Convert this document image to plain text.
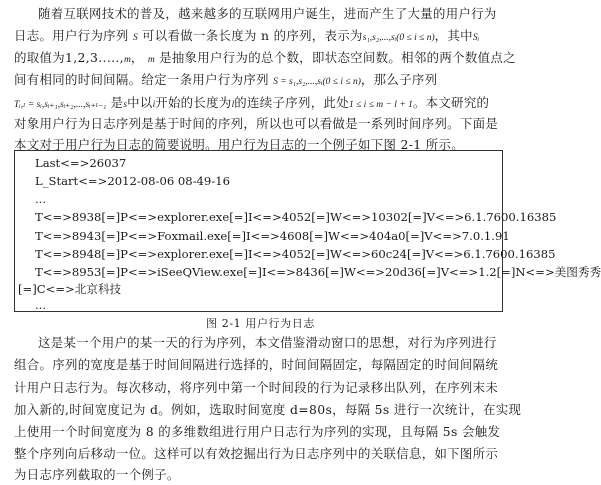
随着互联网技术的普及，越来越多的互联网用户诞生，进而产生了大量的用户行为
日志。用户行为序列 S 可以看做一条长度为 n 的序列，表示为s₁,s₂,...,sᵢ(0 ≤ i ≤ n)，其中Sᵢ
的取值为1,2,3.....,m， m 是抽象用户行为的总个数，即状态空间数。相邻的两个数值点之
间有相同的时间间隔。给定一条用户行为序列 S = s₁,s₂,...,sᵢ(0 ≤ i ≤ n)，那么子序列
Tᵢ,ₗ = sᵢ,sᵢ₊₁,sᵢ₊₂,...,sᵢ₊ₗ₋₁ 是s中以i开始的长度为l的连续子序列，此处1 ≤ i ≤ m − l + 1。本文研究的
对象用户行为日志序列是基于时间的序列，所以也可以看做是一系列时间序列。下面是
本文对于用户行为日志的简要说明。用户行为日志的一个例子如下图 2-1 所示。
Last<=>26037
L_Start<=>2012-08-06 08-49-16
...
T<=>8938[=]P<=>explorer.exe[=]I<=>4052[=]W<=>10302[=]V<=>6.1.7600.16385
T<=>8943[=]P<=>Foxmail.exe[=]I<=>4608[=]W<=>404a0[=]V<=>7.0.1.91
T<=>8948[=]P<=>explorer.exe[=]I<=>4052[=]W<=>60c24[=]V<=>6.1.7600.16385
T<=>8953[=]P<=>iSeeQView.exe[=]I<=>8436[=]W<=>20d36[=]V<=>1.2[=]N<=>美图秀秀
[=]C<=>北京科技
...
图 2-1 用户行为日志
这是某一个用户的某一天的行为序列，本文借鉴滑动窗口的思想，对行为序列进行
组合。序列的宽度是基于时间间隔进行选择的，时间间隔固定，每隔固定的时间间隔统
计用户日志行为。每次移动，将序列中第一个时间段的行为记录移出队列，在序列末未
加入新的,时间宽度记为 d。例如，选取时间宽度 d=80s，每隔 5s 进行一次统计，在实现
上使用一个时间宽度为 8 的多维数组进行用户日志行为序列的实现，且每隔 5s 会触发
整个序列向后移动一位。这样可以有效挖掘出行为日志序列中的关联信息，如下图所示
为日志序列截取的一个例子。
